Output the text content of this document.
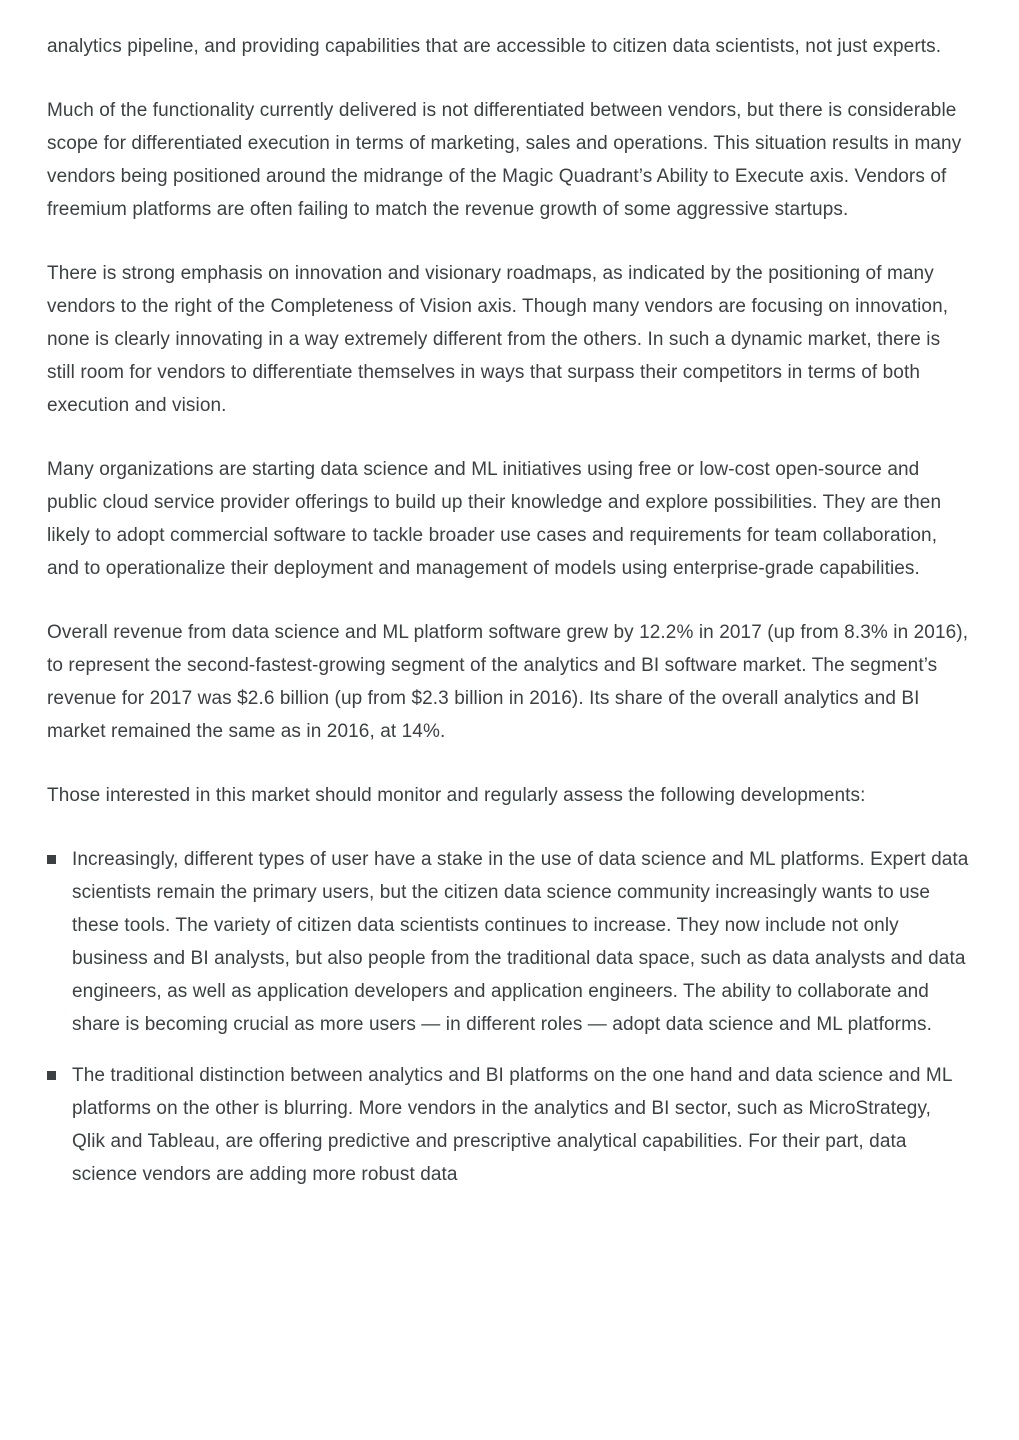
analytics pipeline, and providing capabilities that are accessible to citizen data scientists, not just experts.

Much of the functionality currently delivered is not differentiated between vendors, but there is considerable scope for differentiated execution in terms of marketing, sales and operations. This situation results in many vendors being positioned around the midrange of the Magic Quadrant’s Ability to Execute axis. Vendors of freemium platforms are often failing to match the revenue growth of some aggressive startups.

There is strong emphasis on innovation and visionary roadmaps, as indicated by the positioning of many vendors to the right of the Completeness of Vision axis. Though many vendors are focusing on innovation, none is clearly innovating in a way extremely different from the others. In such a dynamic market, there is still room for vendors to differentiate themselves in ways that surpass their competitors in terms of both execution and vision.

Many organizations are starting data science and ML initiatives using free or low-cost open-source and public cloud service provider offerings to build up their knowledge and explore possibilities. They are then likely to adopt commercial software to tackle broader use cases and requirements for team collaboration, and to operationalize their deployment and management of models using enterprise-grade capabilities.

Overall revenue from data science and ML platform software grew by 12.2% in 2017 (up from 8.3% in 2016), to represent the second-fastest-growing segment of the analytics and BI software market. The segment’s revenue for 2017 was $2.6 billion (up from $2.3 billion in 2016). Its share of the overall analytics and BI market remained the same as in 2016, at 14%.

Those interested in this market should monitor and regularly assess the following developments:

Increasingly, different types of user have a stake in the use of data science and ML platforms. Expert data scientists remain the primary users, but the citizen data science community increasingly wants to use these tools. The variety of citizen data scientists continues to increase. They now include not only business and BI analysts, but also people from the traditional data space, such as data analysts and data engineers, as well as application developers and application engineers. The ability to collaborate and share is becoming crucial as more users — in different roles — adopt data science and ML platforms.
The traditional distinction between analytics and BI platforms on the one hand and data science and ML platforms on the other is blurring. More vendors in the analytics and BI sector, such as MicroStrategy, Qlik and Tableau, are offering predictive and prescriptive analytical capabilities. For their part, data science vendors are adding more robust data
